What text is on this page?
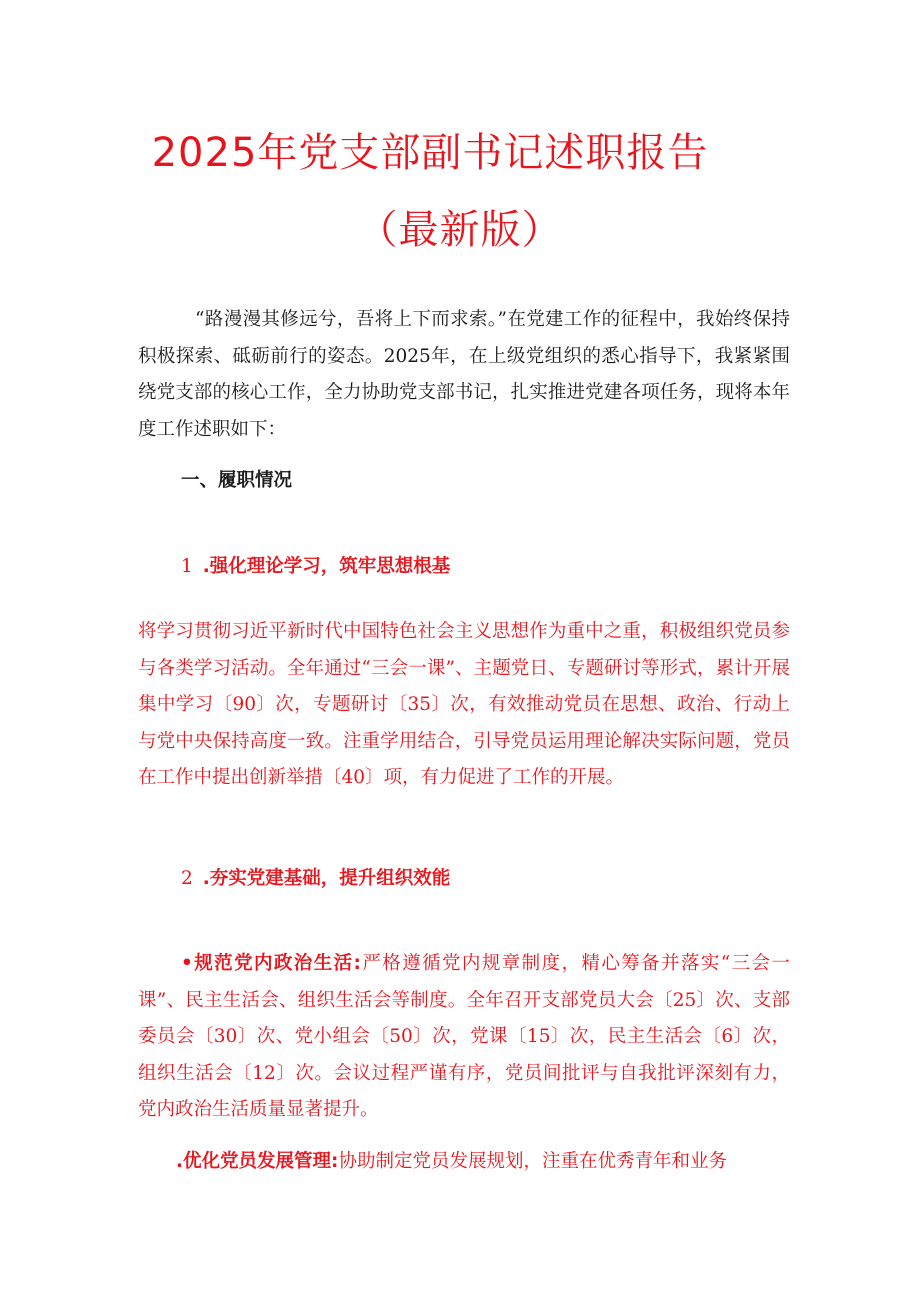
2025年党支部副书记述职报告
（最新版）

“路漫漫其修远兮，吾将上下而求索。”在党建工作的征程中，我始终保持积极探索、砥砺前行的姿态。2025年，在上级党组织的悉心指导下，我紧紧围绕党支部的核心工作，全力协助党支部书记，扎实推进党建各项任务，现将本年度工作述职如下：

一、履职情况

1 .强化理论学习，筑牢思想根基

将学习贯彻习近平新时代中国特色社会主义思想作为重中之重，积极组织党员参与各类学习活动。全年通过“三会一课”、主题党日、专题研讨等形式，累计开展集中学习〔90〕次，专题研讨〔35〕次，有效推动党员在思想、政治、行动上与党中央保持高度一致。注重学用结合，引导党员运用理论解决实际问题，党员在工作中提出创新举措〔40〕项，有力促进了工作的开展。

2 .夯实党建基础，提升组织效能

•规范党内政治生活:严格遵循党内规章制度，精心筹备并落实“三会一课”、民主生活会、组织生活会等制度。全年召开支部党员大会〔25〕次、支部委员会〔30〕次、党小组会〔50〕次，党课〔15〕次，民主生活会〔6〕次，组织生活会〔12〕次。会议过程严谨有序，党员间批评与自我批评深刻有力，党内政治生活质量显著提升。

.优化党员发展管理:协助制定党员发展规划，注重在优秀青年和业务
